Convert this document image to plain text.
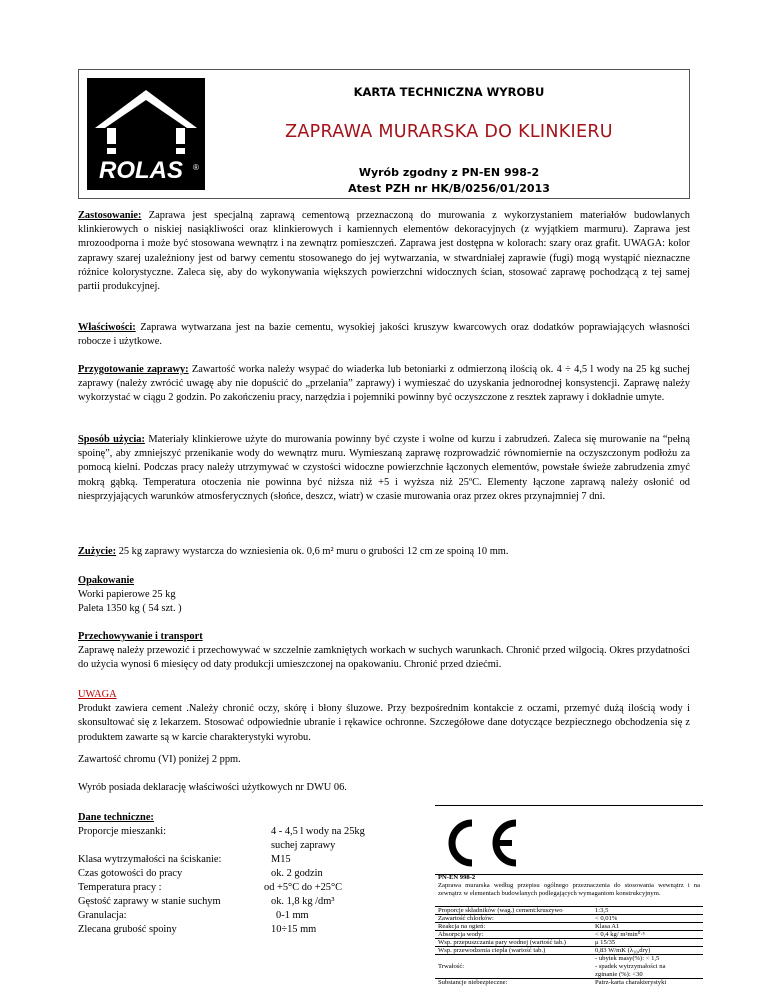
ROLAS ®
KARTA TECHNICZNA WYROBU
ZAPRAWA MURARSKA DO KLINKIERU
Wyrób zgodny z PN-EN 998-2
Atest PZH nr HK/B/0256/01/2013

Zastosowanie: Zaprawa jest specjalną zaprawą cementową przeznaczoną do murowania z wykorzystaniem materiałów budowlanych klinkierowych o niskiej nasiąkliwości oraz klinkierowych i kamiennych elementów dekoracyjnych (z wyjątkiem marmuru). Zaprawa jest mrozoodporna i może być stosowana wewnątrz i na zewnątrz pomieszczeń. Zaprawa jest dostępna w kolorach: szary oraz grafit. UWAGA: kolor zaprawy szarej uzależniony jest od barwy cementu stosowanego do jej wytwarzania, w stwardniałej zaprawie (fugi) mogą wystąpić nieznaczne różnice kolorystyczne. Zaleca się, aby do wykonywania większych powierzchni widocznych ścian, stosować zaprawę pochodzącą z tej samej partii produkcyjnej.

Właściwości: Zaprawa wytwarzana jest na bazie cementu, wysokiej jakości kruszyw kwarcowych oraz dodatków poprawiających własności robocze i użytkowe.

Przygotowanie zaprawy: Zawartość worka należy wsypać do wiaderka lub betoniarki z odmierzoną ilością ok. 4 ÷ 4,5 l wody na 25 kg suchej zaprawy (należy zwrócić uwagę aby nie dopuścić do „przelania” zaprawy) i wymieszać do uzyskania jednorodnej konsystencji. Zaprawę należy wykorzystać w ciągu 2 godzin. Po zakończeniu pracy, narzędzia i pojemniki powinny być oczyszczone z resztek zaprawy i dokładnie umyte.

Sposób użycia: Materiały klinkierowe użyte do murowania powinny być czyste i wolne od kurzu i zabrudzeń. Zaleca się murowanie na “pełną spoinę”, aby zmniejszyć przenikanie wody do wewnątrz muru. Wymieszaną zaprawę rozprowadzić równomiernie na oczyszczonym podłożu za pomocą kielni. Podczas pracy należy utrzymywać w czystości widoczne powierzchnie łączonych elementów, powstałe świeże zabrudzenia zmyć mokrą gąbką. Temperatura otoczenia nie powinna być niższa niż +5 i wyższa niż 25ºC. Elementy łączone zaprawą należy osłonić od niesprzyjających warunków atmosferycznych (słońce, deszcz, wiatr) w czasie murowania oraz przez okres przynajmniej 7 dni.

Zużycie: 25 kg zaprawy wystarcza do wzniesienia ok. 0,6 m² muru o grubości 12 cm ze spoiną 10 mm.

Opakowanie
Worki papierowe 25 kg
Paleta 1350 kg ( 54 szt. )
Przechowywanie i transport
Zaprawę należy przewozić i przechowywać w szczelnie zamkniętych workach w suchych warunkach. Chronić przed wilgocią. Okres przydatności do użycia wynosi 6 miesięcy od daty produkcji umieszczonej na opakowaniu. Chronić przed dziećmi.
UWAGA
Produkt zawiera cement .Należy chronić oczy, skórę i błony śluzowe. Przy bezpośrednim kontakcie z oczami, przemyć dużą ilością wody i skonsultować się z lekarzem. Stosować odpowiednie ubranie i rękawice ochronne. Szczegółowe dane dotyczące bezpiecznego obchodzenia się z produktem zawarte są w karcie charakterystyki wyrobu.
Dane techniczne:
Proporcje mieszanki:	4 - 4,5 l wody na 25kg
suchej zaprawy
Klasa wytrzymałości na ściskanie:	M15
Czas gotowości do pracy	ok. 2 godzin
Temperatura pracy :	od +5°C do +25°C
Gęstość zaprawy w stanie suchym	ok. 1,8 kg /dm³
Granulacja:	0-1 mm
Zlecana grubość spoiny	10÷15 mm
PN-EN 998-2
Zaprawa murarska według przepisu ogólnego przeznaczenia do stosowania wewnątrz i na zewnątrz w elementach budowlanych podlegających wymaganiom konstrukcyjnym.
Proporcje składników (wag.) cement:kruszywo	1:3,5
Zawartość chlorków:	< 0,01%
Reakcja na ogień:	Klasa A1
Absorpcja wody:	< 0,4 kg/ m²min⁰·⁵
Wsp. przepuszczania pary wodnej (wartość tab.)	μ 15/35
Wsp. przewodzenia ciepła (wartość tab.)	0,83 W/mK (λ₁₀,dry)
Trwałość:
- ubytek masy(%): < 1,5
- spadek wytrzymałości na
zginanie (%): <30
Substancje niebezpieczne:	Patrz-karta charakterystyki
Zawartość chromu (VI) poniżej 2 ppm.
Wyrób posiada deklarację właściwości użytkowych nr DWU 06.
